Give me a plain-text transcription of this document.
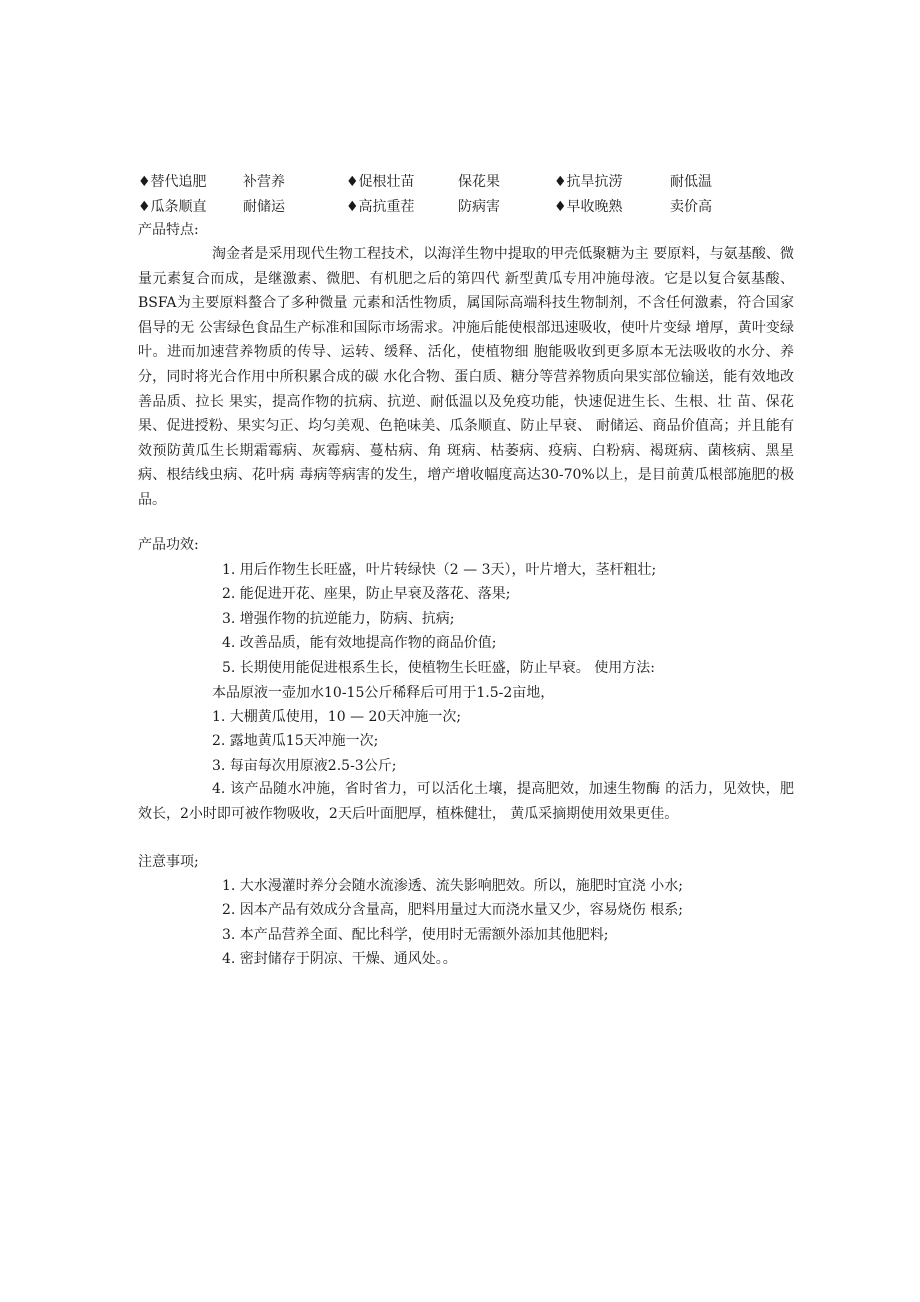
♦替代追肥	补营养	♦促根壮苗	保花果	♦抗旱抗涝	耐低温
♦瓜条顺直	耐储运	♦高抗重茬	防病害	♦早收晚熟	卖价高
产品特点:

淘金者是采用现代生物工程技术，以海洋生物中提取的甲壳低聚糖为主 要原料，与氨基酸、微量元素复合而成，是继激素、微肥、有机肥之后的第四代 新型黄瓜专用冲施母液。它是以复合氨基酸、BSFA为主要原料螯合了多种微量 元素和活性物质，属国际高端科技生物制剂，不含任何激素，符合国家倡导的无 公害绿色食品生产标准和国际市场需求。冲施后能使根部迅速吸收，使叶片变绿 增厚，黄叶变绿叶。进而加速营养物质的传导、运转、缓释、活化，使植物细 胞能吸收到更多原本无法吸收的水分、养分，同时将光合作用中所积累合成的碳 水化合物、蛋白质、糖分等营养物质向果实部位输送，能有效地改善品质、拉长 果实，提高作物的抗病、抗逆、耐低温以及免疫功能，快速促进生长、生根、壮 苗、保花果、促进授粉、果实匀正、均匀美观、色艳味美、瓜条顺直、防止早衰、 耐储运、商品价值高；并且能有效预防黄瓜生长期霜霉病、灰霉病、蔓枯病、角 斑病、枯萎病、疫病、白粉病、褐斑病、菌核病、黑星病、根结线虫病、花叶病 毒病等病害的发生，增产增收幅度高达30-70%以上，是目前黄瓜根部施肥的极 品。

产品功效:
1. 用后作物生长旺盛，叶片转绿快（2 — 3天），叶片增大，茎杆粗壮;
2. 能促进开花、座果，防止早衰及落花、落果;
3. 增强作物的抗逆能力，防病、抗病;
4. 改善品质，能有效地提高作物的商品价值;
5. 长期使用能促进根系生长，使植物生长旺盛，防止早衰。 使用方法:
本品原液一壶加水10-15公斤稀释后可用于1.5-2亩地，
1. 大棚黄瓜使用，10 — 20天冲施一次;
2. 露地黄瓜15天冲施一次;
3. 每亩每次用原液2.5-3公斤;

4. 该产品随水冲施，省时省力，可以活化土壤，提高肥效，加速生物酶 的活力，见效快，肥效长，2小时即可被作物吸收，2天后叶面肥厚，植株健壮， 黄瓜采摘期使用效果更佳。

注意事项;
1. 大水漫灌时养分会随水流渗透、流失影响肥效。所以，施肥时宜浇 小水;
2. 因本产品有效成分含量高，肥料用量过大而浇水量又少，容易烧伤 根系;
3. 本产品营养全面、配比科学，使用时无需额外添加其他肥料;
4. 密封储存于阴凉、干燥、通风处。。
